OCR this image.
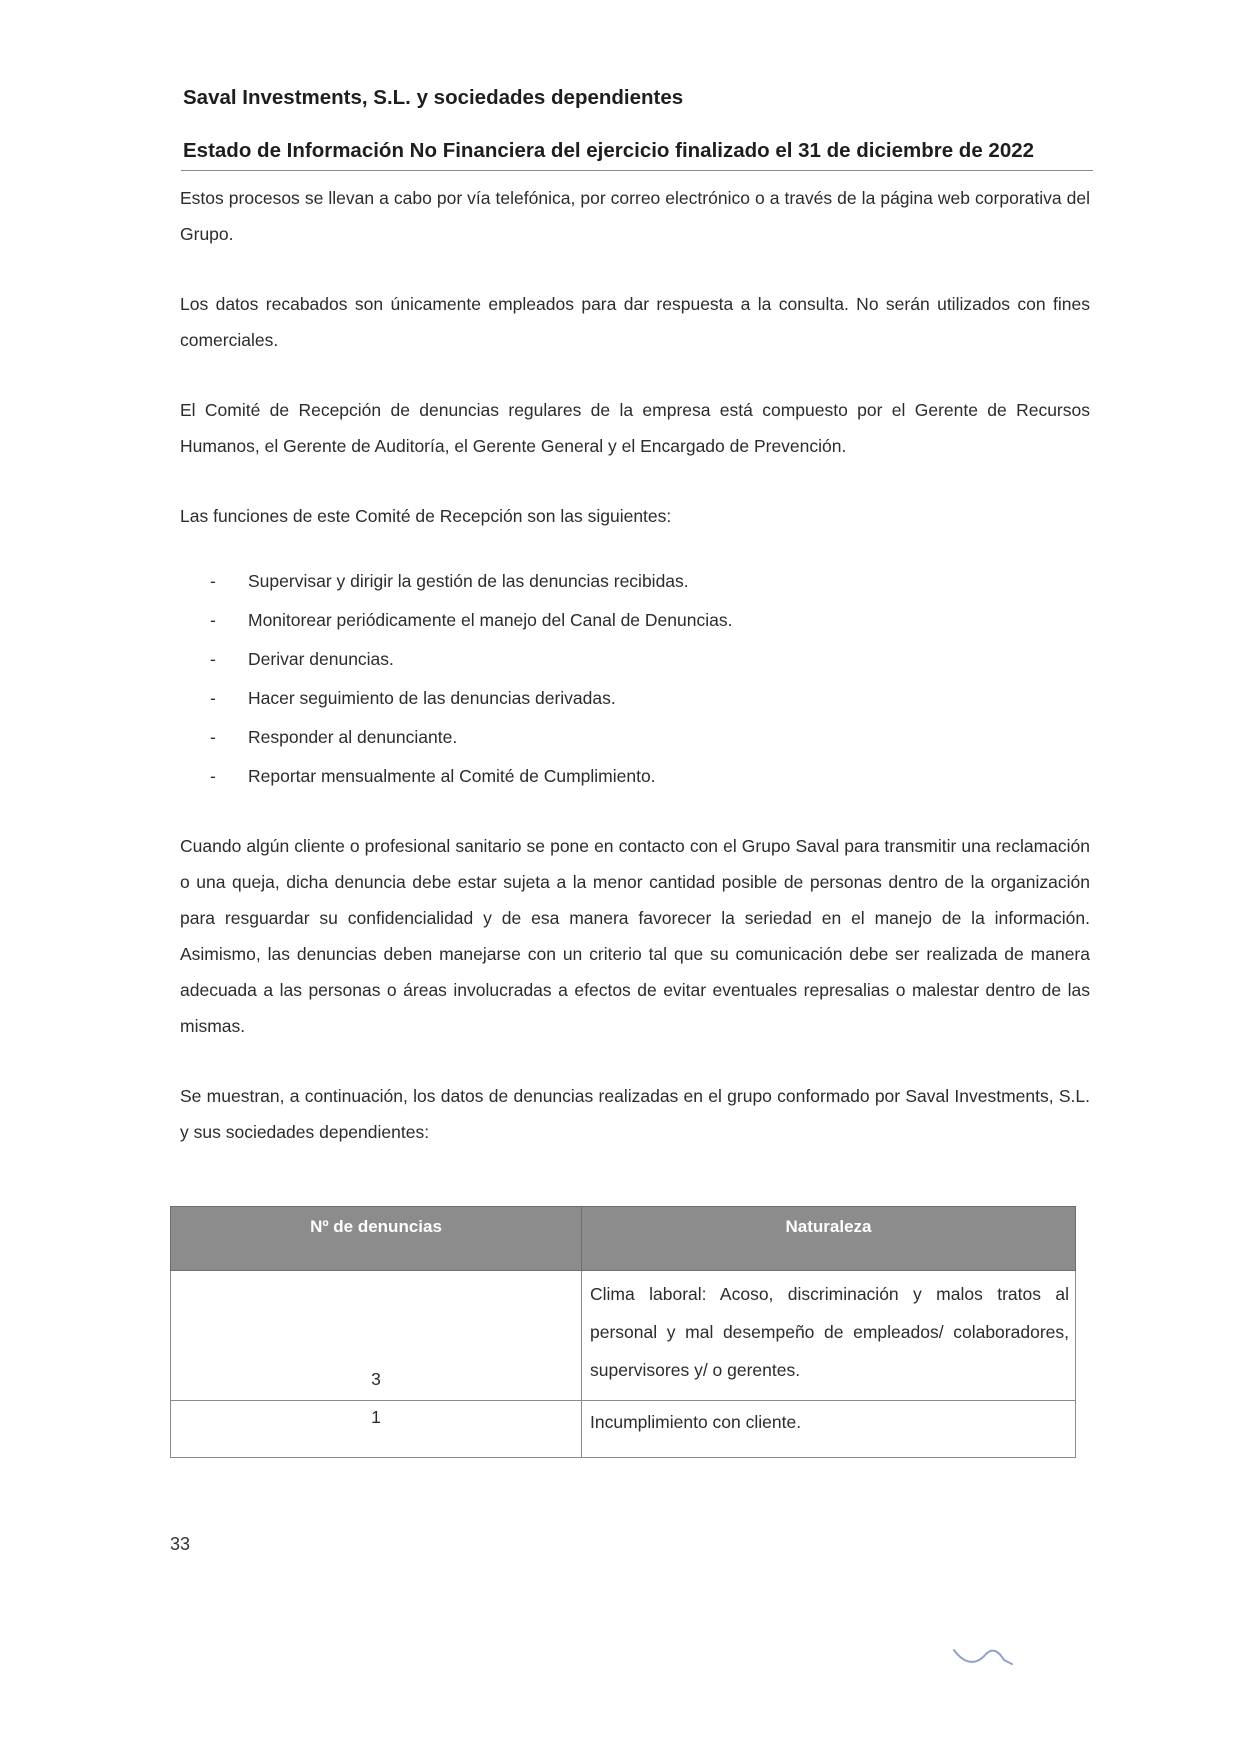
Saval Investments, S.L. y sociedades dependientes
Estado de Información No Financiera del ejercicio finalizado el 31 de diciembre de 2022

Estos procesos se llevan a cabo por vía telefónica, por correo electrónico o a través de la página web corporativa del Grupo.

Los datos recabados son únicamente empleados para dar respuesta a la consulta. No serán utilizados con fines comerciales.

El Comité de Recepción de denuncias regulares de la empresa está compuesto por el Gerente de Recursos Humanos, el Gerente de Auditoría, el Gerente General y el Encargado de Prevención.

Las funciones de este Comité de Recepción son las siguientes:

- Supervisar y dirigir la gestión de las denuncias recibidas.
- Monitorear periódicamente el manejo del Canal de Denuncias.
- Derivar denuncias.
- Hacer seguimiento de las denuncias derivadas.
- Responder al denunciante.
- Reportar mensualmente al Comité de Cumplimiento.

Cuando algún cliente o profesional sanitario se pone en contacto con el Grupo Saval para transmitir una reclamación o una queja, dicha denuncia debe estar sujeta a la menor cantidad posible de personas dentro de la organización para resguardar su confidencialidad y de esa manera favorecer la seriedad en el manejo de la información. Asimismo, las denuncias deben manejarse con un criterio tal que su comunicación debe ser realizada de manera adecuada a las personas o áreas involucradas a efectos de evitar eventuales represalias o malestar dentro de las mismas.

Se muestran, a continuación, los datos de denuncias realizadas en el grupo conformado por Saval Investments, S.L. y sus sociedades dependientes:

Nº de denuncias	Naturaleza
3	Clima laboral: Acoso, discriminación y malos tratos al personal y mal desempeño de empleados/ colaboradores, supervisores y/ o gerentes.
1	Incumplimiento con cliente.
33
